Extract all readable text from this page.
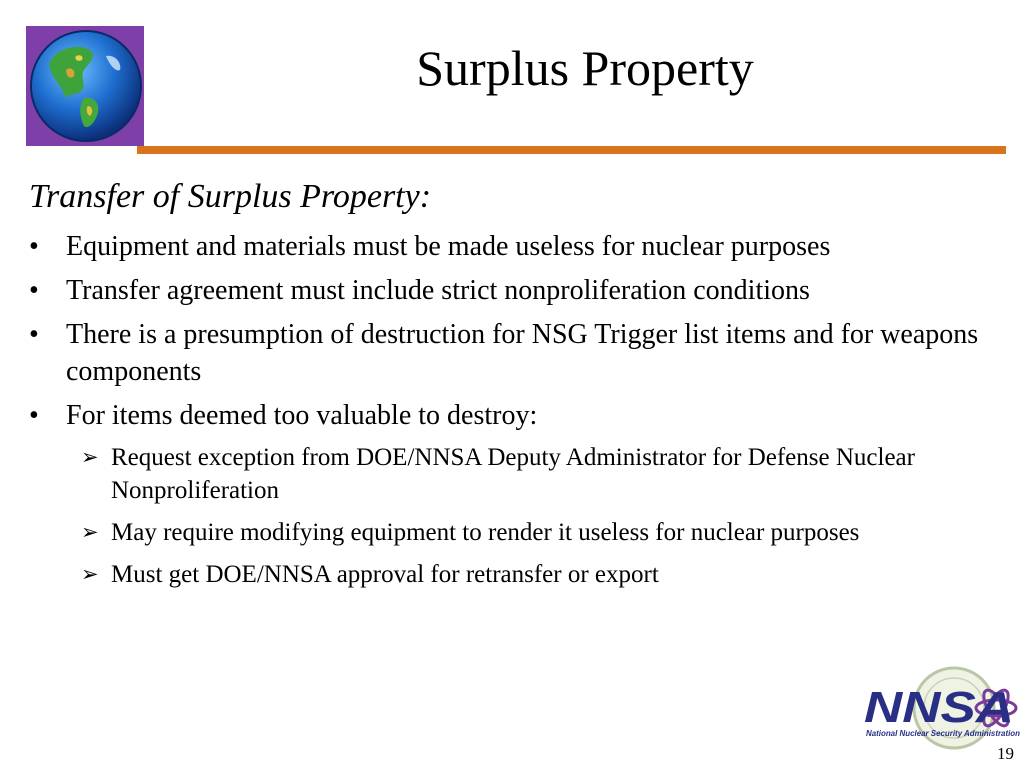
Surplus Property
Transfer of Surplus Property:
• Equipment and materials must be made useless for nuclear purposes
• Transfer agreement must include strict nonproliferation conditions
• There is a presumption of destruction for NSG Trigger list items and for weapons components
• For items deemed too valuable to destroy:
➢ Request exception from DOE/NNSA Deputy Administrator for Defense Nuclear Nonproliferation
➢ May require modifying equipment to render it useless for nuclear purposes
➢ Must get DOE/NNSA approval for retransfer or export
NNSA
National Nuclear Security Administration
19
